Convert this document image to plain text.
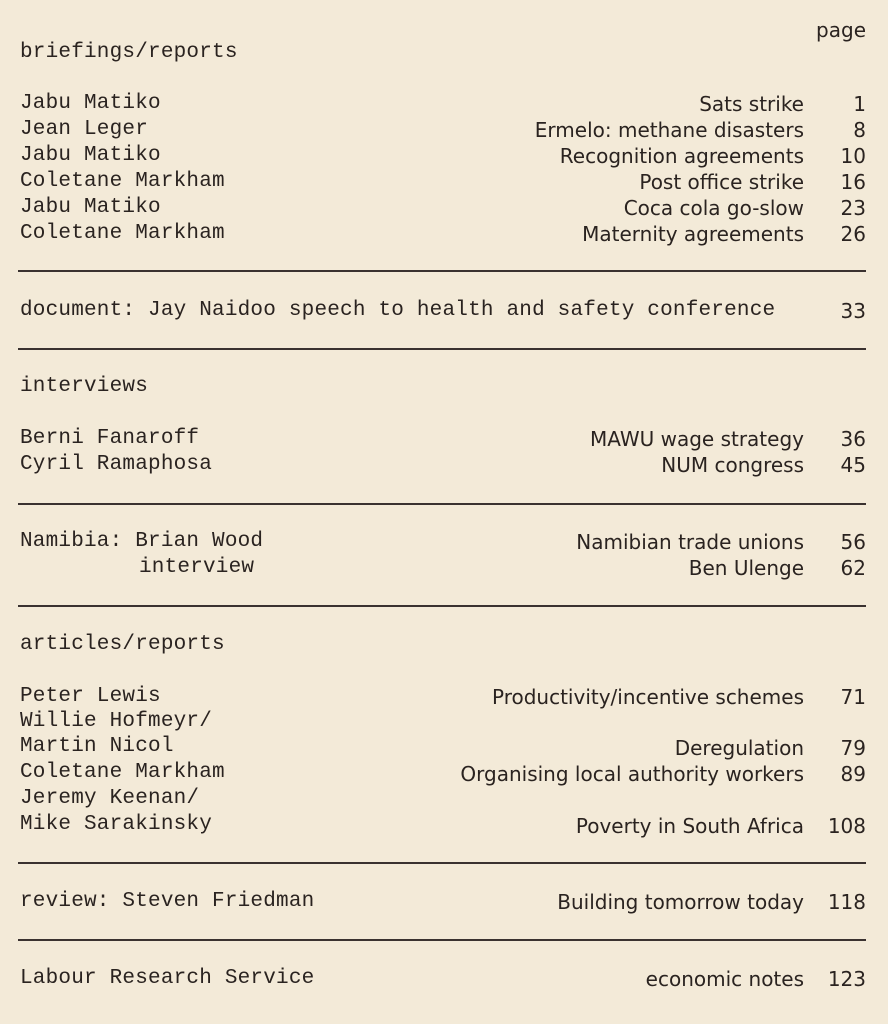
page
briefings/reports
Jabu Matiko	Sats strike 1
Jean Leger	Ermelo: methane disasters 8
Jabu Matiko	Recognition agreements 10
Coletane Markham	Post office strike 16
Jabu Matiko	Coca cola go-slow 23
Coletane Markham	Maternity agreements 26
document: Jay Naidoo speech to health and safety conference	33
interviews
Berni Fanaroff	MAWU wage strategy 36
Cyril Ramaphosa	NUM congress 45
Namibia: Brian Wood	Namibian trade unions 56
interview	Ben Ulenge 62
articles/reports
Peter Lewis	Productivity/incentive schemes 71
Willie Hofmeyr/
Martin Nicol	Deregulation 79
Coletane Markham	Organising local authority workers 89
Jeremy Keenan/
Mike Sarakinsky	Poverty in South Africa 108
review: Steven Friedman	Building tomorrow today 118
Labour Research Service	economic notes 123
